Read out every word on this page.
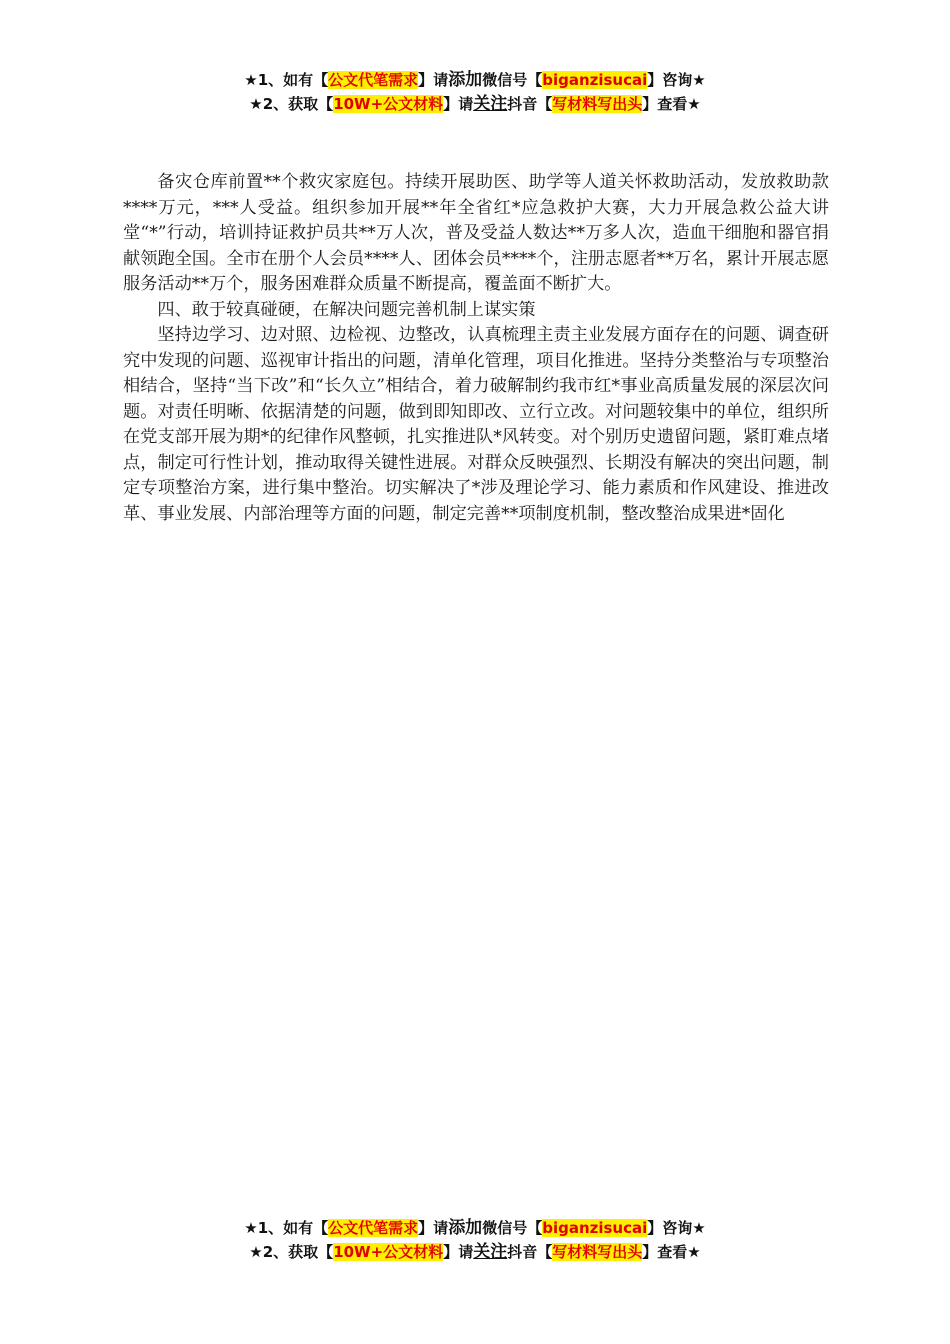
★1、如有【公文代笔需求】请添加微信号【biganzisucai】咨询★
★2、获取【10W+公文材料】请关注抖音【写材料写出头】查看★

备灾仓库前置**个救灾家庭包。持续开展助医、助学等人道关怀救助活动，发放救助款****万元，***人受益。组织参加开展**年全省红*应急救护大赛，大力开展急救公益大讲堂“*”行动，培训持证救护员共**万人次，普及受益人数达**万多人次，造血干细胞和器官捐献领跑全国。全市在册个人会员****人、团体会员****个，注册志愿者**万名，累计开展志愿服务活动**万个，服务困难群众质量不断提高，覆盖面不断扩大。

四、敢于较真碰硬，在解决问题完善机制上谋实策

坚持边学习、边对照、边检视、边整改，认真梳理主责主业发展方面存在的问题、调查研究中发现的问题、巡视审计指出的问题，清单化管理，项目化推进。坚持分类整治与专项整治相结合，坚持“当下改”和“长久立”相结合，着力破解制约我市红*事业高质量发展的深层次问题。对责任明晰、依据清楚的问题，做到即知即改、立行立改。对问题较集中的单位，组织所在党支部开展为期*的纪律作风整顿，扎实推进队*风转变。对个别历史遗留问题，紧盯难点堵点，制定可行性计划，推动取得关键性进展。对群众反映强烈、长期没有解决的突出问题，制定专项整治方案，进行集中整治。切实解决了*涉及理论学习、能力素质和作风建设、推进改革、事业发展、内部治理等方面的问题，制定完善**项制度机制，整改整治成果进*固化

★1、如有【公文代笔需求】请添加微信号【biganzisucai】咨询★
★2、获取【10W+公文材料】请关注抖音【写材料写出头】查看★
